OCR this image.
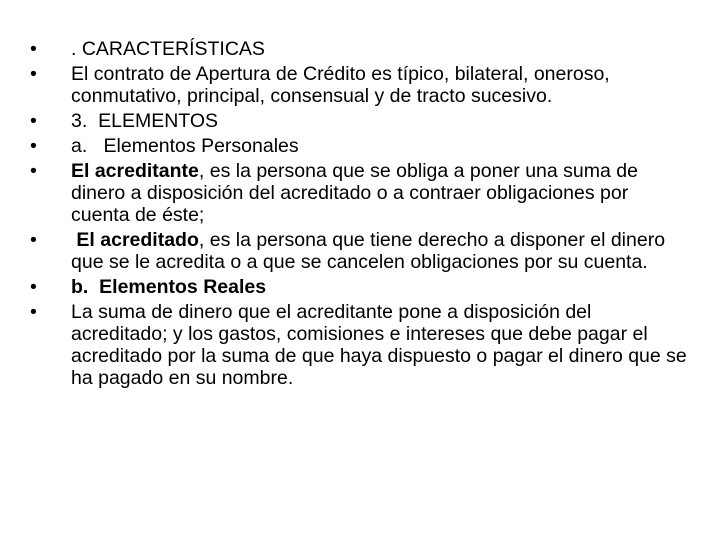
•	. CARACTERÍSTICAS
•	El contrato de Apertura de Crédito es típico, bilateral, oneroso, conmutativo, principal, consensual y de tracto sucesivo.
•	3.  ELEMENTOS
•	a.   Elementos Personales
•	El acreditante, es la persona que se obliga a poner una suma de dinero a disposición del acreditado o a contraer obligaciones por cuenta de éste;
•	El acreditado, es la persona que tiene derecho a disponer el dinero que se le acredita o a que se cancelen obligaciones por su cuenta.
•	b.  Elementos Reales
•	La suma de dinero que el acreditante pone a disposición del acreditado; y los gastos, comisiones e intereses que debe pagar el acreditado por la suma de que haya dispuesto o pagar el dinero que se ha pagado en su nombre.
